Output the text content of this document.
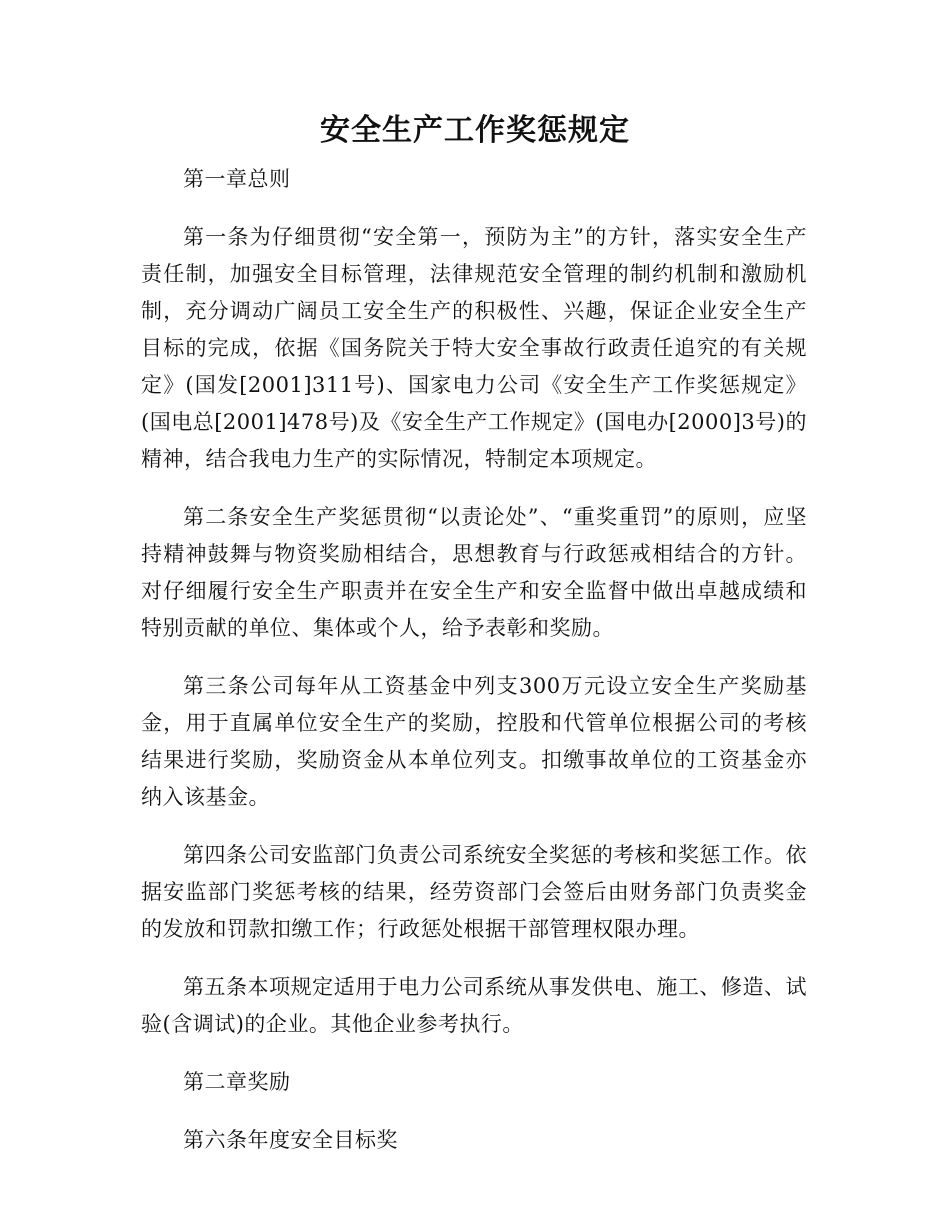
安全生产工作奖惩规定

第一章总则

第一条为仔细贯彻“安全第一，预防为主”的方针，落实安全生产责任制，加强安全目标管理，法律规范安全管理的制约机制和激励机制，充分调动广阔员工安全生产的积极性、兴趣，保证企业安全生产目标的完成，依据《国务院关于特大安全事故行政责任追究的有关规定》(国发[2001]311号)、国家电力公司《安全生产工作奖惩规定》(国电总[2001]478号)及《安全生产工作规定》(国电办[2000]3号)的精神，结合我电力生产的实际情况，特制定本项规定。

第二条安全生产奖惩贯彻“以责论处”、“重奖重罚”的原则，应坚持精神鼓舞与物资奖励相结合，思想教育与行政惩戒相结合的方针。对仔细履行安全生产职责并在安全生产和安全监督中做出卓越成绩和特别贡献的单位、集体或个人，给予表彰和奖励。

第三条公司每年从工资基金中列支300万元设立安全生产奖励基金，用于直属单位安全生产的奖励，控股和代管单位根据公司的考核结果进行奖励，奖励资金从本单位列支。扣缴事故单位的工资基金亦纳入该基金。

第四条公司安监部门负责公司系统安全奖惩的考核和奖惩工作。依据安监部门奖惩考核的结果，经劳资部门会签后由财务部门负责奖金的发放和罚款扣缴工作；行政惩处根据干部管理权限办理。

第五条本项规定适用于电力公司系统从事发供电、施工、修造、试验(含调试)的企业。其他企业参考执行。

第二章奖励

第六条年度安全目标奖
